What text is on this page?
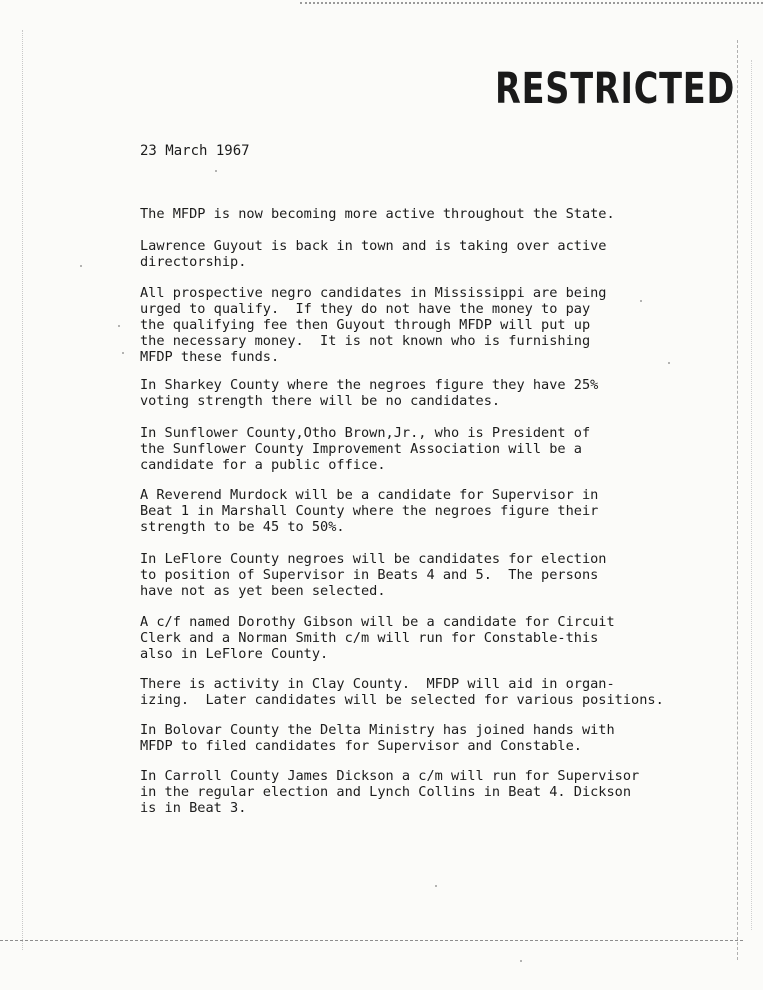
RESTRICTED
23 March 1967

The MFDP is now becoming more active throughout the State.

Lawrence Guyout is back in town and is taking over active
directorship.

All prospective negro candidates in Mississippi are being
urged to qualify.  If they do not have the money to pay
the qualifying fee then Guyout through MFDP will put up
the necessary money.  It is not known who is furnishing
MFDP these funds.

In Sharkey County where the negroes figure they have 25%
voting strength there will be no candidates.

In Sunflower County,Otho Brown,Jr., who is President of
the Sunflower County Improvement Association will be a
candidate for a public office.

A Reverend Murdock will be a candidate for Supervisor in
Beat 1 in Marshall County where the negroes figure their
strength to be 45 to 50%.

In LeFlore County negroes will be candidates for election
to position of Supervisor in Beats 4 and 5.  The persons
have not as yet been selected.

A c/f named Dorothy Gibson will be a candidate for Circuit
Clerk and a Norman Smith c/m will run for Constable-this
also in LeFlore County.

There is activity in Clay County.  MFDP will aid in organ-
izing.  Later candidates will be selected for various positions.

In Bolovar County the Delta Ministry has joined hands with
MFDP to filed candidates for Supervisor and Constable.

In Carroll County James Dickson a c/m will run for Supervisor
in the regular election and Lynch Collins in Beat 4. Dickson
is in Beat 3.
